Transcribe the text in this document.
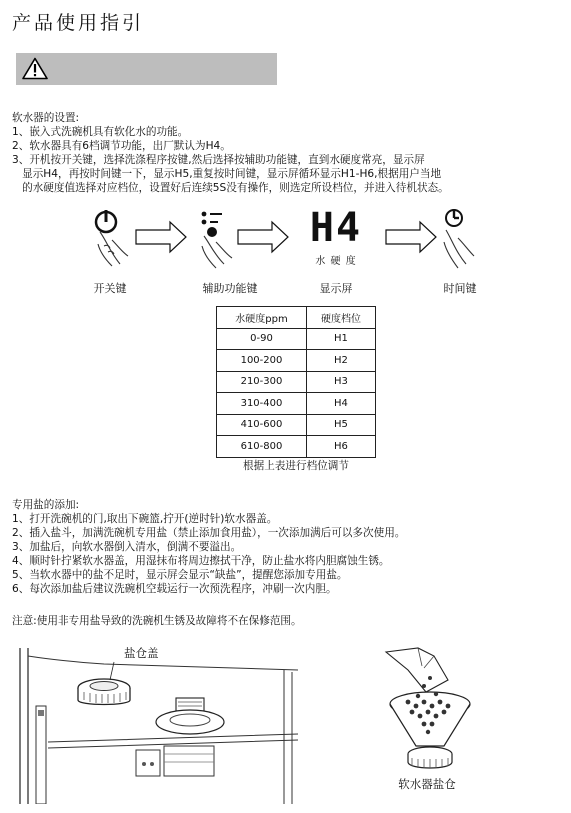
产品使用指引
软水器的设置:
1、嵌入式洗碗机具有软化水的功能。
2、软水器具有6档调节功能，出厂默认为H4。
3、开机按开关键，选择洗涤程序按键,然后选择按辅助功能键，直到水硬度常亮，显示屏
显示H4，再按时间键一下，显示H5,重复按时间键，显示屏循环显示H1-H6,根据用户当地
的水硬度值选择对应档位，设置好后连续5S没有操作，则选定所设档位，并进入待机状态。
H4
水 硬 度
开关键	辅助功能键	显示屏	时间键
水硬度ppm	硬度档位
0-90	H1
100-200	H2
210-300	H3
310-400	H4
410-600	H5
610-800	H6
根据上表进行档位调节
专用盐的添加:
1、打开洗碗机的门,取出下碗篮,拧开(逆时针)软水器盖。
2、插入盐斗，加满洗碗机专用盐（禁止添加食用盐），一次添加满后可以多次使用。
3、加盐后，向软水器倒入清水，倒满不要溢出。
4、顺时针拧紧软水器盖，用湿抹布将周边擦拭干净，防止盐水将内胆腐蚀生锈。
5、当软水器中的盐不足时，显示屏会显示“缺盐”，提醒您添加专用盐。
6、每次添加盐后建议洗碗机空载运行一次预洗程序，冲刷一次内胆。
注意:使用非专用盐导致的洗碗机生锈及故障将不在保修范围。
盐仓盖
软水器盐仓
